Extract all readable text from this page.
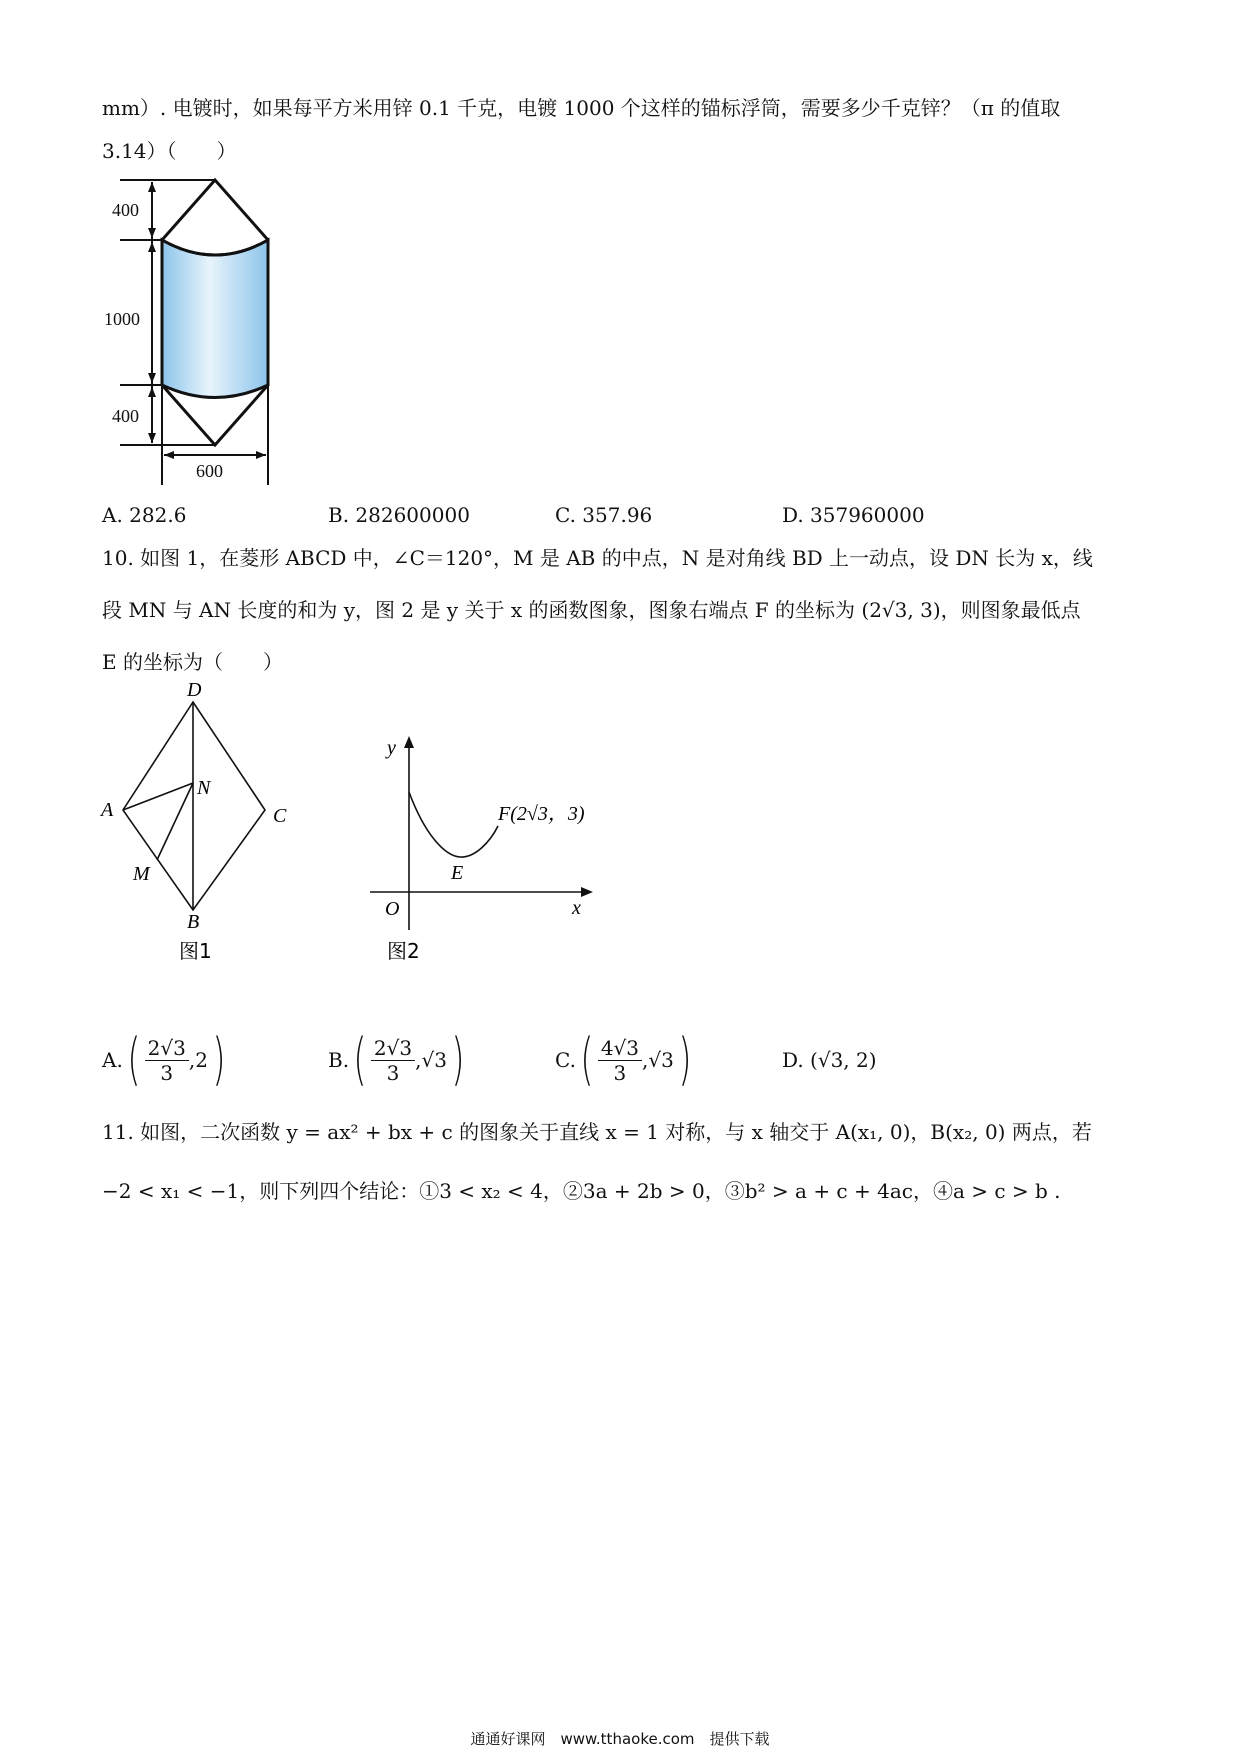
mm）. 电镀时，如果每平方米用锌 0.1 千克，电镀 1000 个这样的锚标浮筒，需要多少千克锌？（π 的值取
3.14）（　　）
400
1000
400
600
A. 282.6	B. 282600000	C. 357.96	D. 357960000
10. 如图 1，在菱形 ABCD 中，∠C＝120°，M 是 AB 的中点，N 是对角线 BD 上一动点，设 DN 长为 x，线
段 MN 与 AN 长度的和为 y，图 2 是 y 关于 x 的函数图象，图象右端点 F 的坐标为 (2√3, 3)，则图象最低点
E 的坐标为（　　）
D
A
N
C
M
B
图1
y
x
O
E
F(2√3，3)
图2
A. ( $\frac{2√3}{3} ,2$ )	B. ( $\frac{2√3}{3} ,√3$ )	C. ( $\frac{4√3}{3} ,√3$ )	D. (√3, 2)
11. 如图，二次函数 y = ax² + bx + c 的图象关于直线 x = 1 对称，与 x 轴交于 A(x₁, 0)，B(x₂, 0) 两点，若
−2 < x₁ < −1，则下列四个结论：①3 < x₂ < 4，②3a + 2b > 0，③b² > a + c + 4ac，④a > c > b .
通通好课网　www.tthaoke.com　提供下载
